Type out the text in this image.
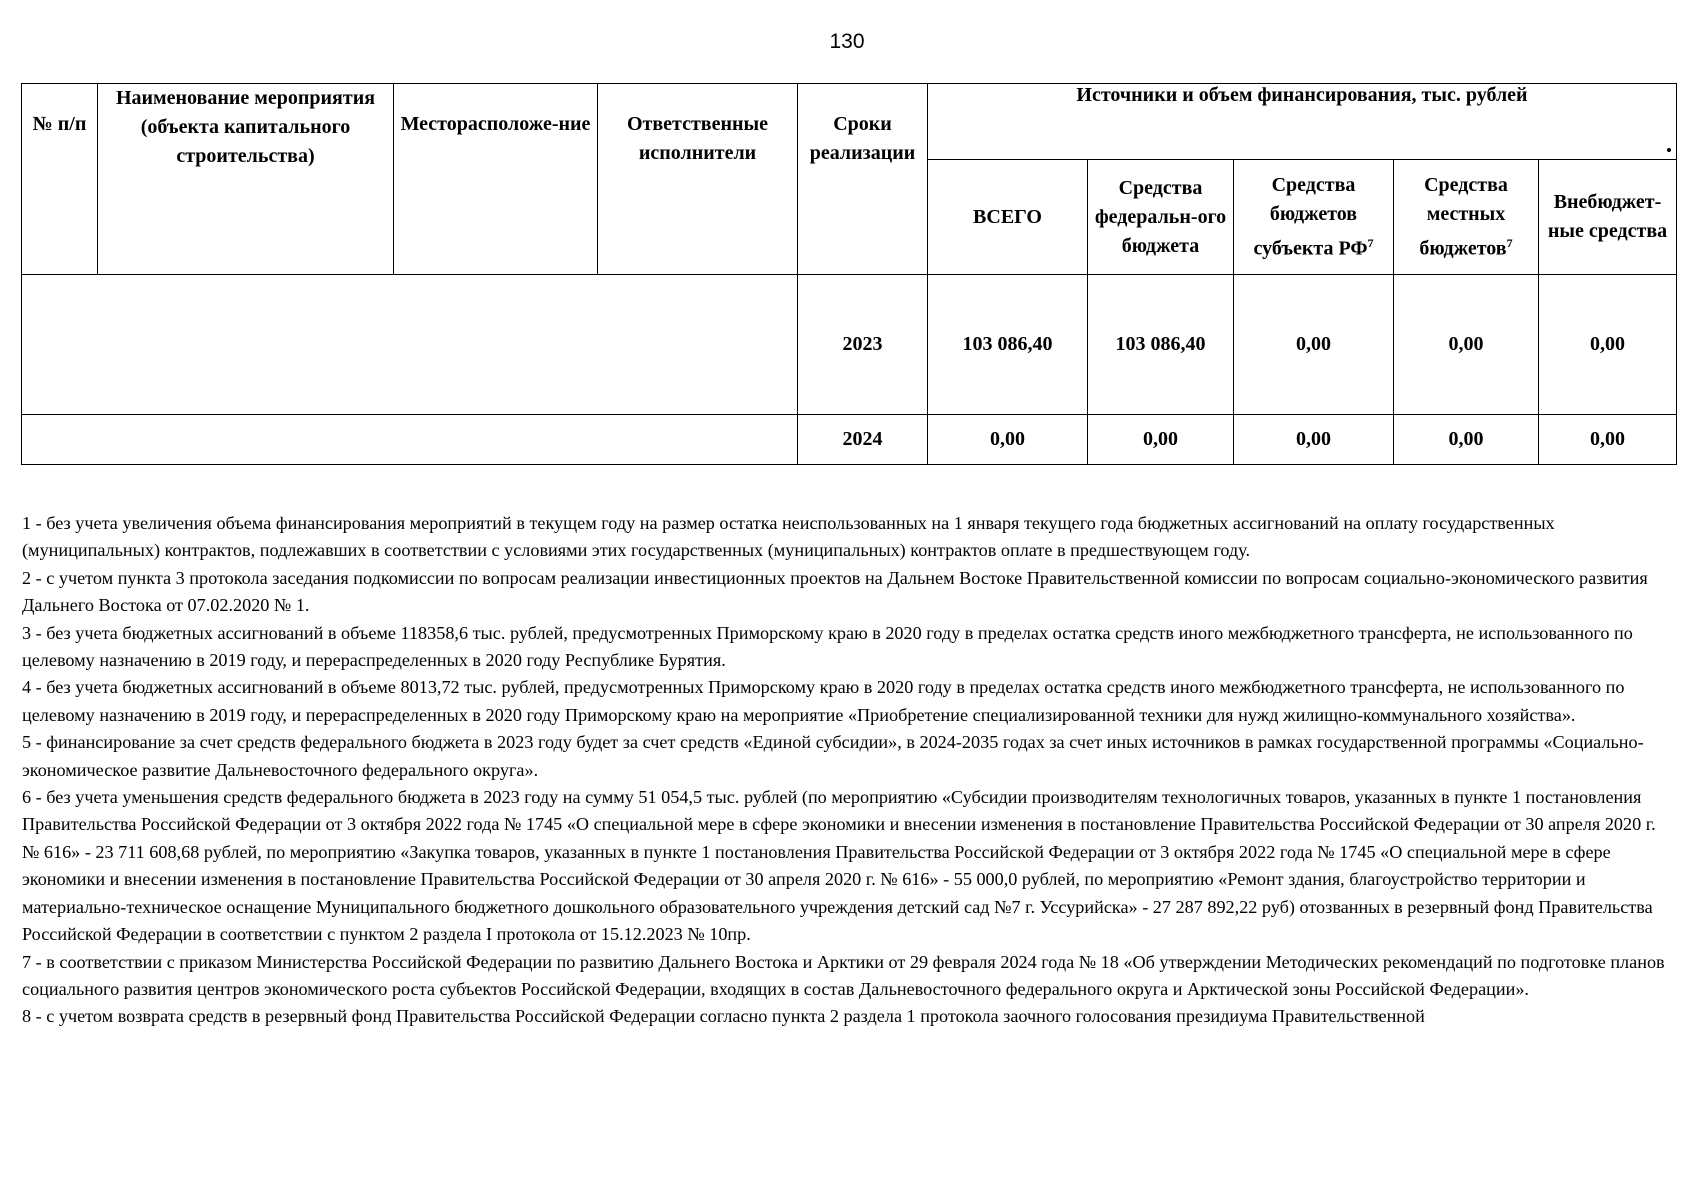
130
№ п/п	Наименование мероприятия (объекта капитального строительства)	Месторасположе-ние	Ответственные исполнители	Сроки реализации	Источники и объем финансирования, тыс. рублей				
					ВСЕГО	Средства федеральн-ого бюджета	Средства бюджетов субъекта $РФ^7$	Средства местных бюджетов$^7$	Внебюджет-ные средства
				2023	103 086,40	103 086,40	0,00	0,00	0,00
				2024	0,00	0,00	0,00	0,00	0,00

1 - без учета увеличения объема финансирования мероприятий в текущем году на размер остатка неиспользованных на 1 января текущего года бюджетных ассигнований на оплату государственных (муниципальных) контрактов, подлежавших в соответствии с условиями этих государственных (муниципальных) контрактов оплате в предшествующем году.

2 - с учетом пункта 3 протокола заседания подкомиссии по вопросам реализации инвестиционных проектов на Дальнем Востоке Правительственной комиссии по вопросам социально-экономического развития Дальнего Востока от 07.02.2020 № 1.

3 - без учета бюджетных ассигнований в объеме 118358,6 тыс. рублей, предусмотренных Приморскому краю в 2020 году в пределах остатка средств иного межбюджетного трансферта, не использованного по целевому назначению в 2019 году, и перераспределенных в 2020 году Республике Бурятия.

4 - без учета бюджетных ассигнований в объеме 8013,72 тыс. рублей, предусмотренных Приморскому краю в 2020 году в пределах остатка средств иного межбюджетного трансферта, не использованного по целевому назначению в 2019 году, и перераспределенных в 2020 году Приморскому краю на мероприятие «Приобретение специализированной техники для нужд жилищно-коммунального хозяйства».

5 - финансирование за счет средств федерального бюджета в 2023 году будет за счет средств «Единой субсидии», в 2024-2035 годах за счет иных источников в рамках государственной программы «Социально-экономическое развитие Дальневосточного федерального округа».

6 - без учета уменьшения средств федерального бюджета в 2023 году на сумму 51 054,5 тыс. рублей (по мероприятию «Субсидии производителям технологичных товаров, указанных в пункте 1 постановления Правительства Российской Федерации от 3 октября 2022 года № 1745 «О специальной мере в сфере экономики и внесении изменения в постановление Правительства Российской Федерации от 30 апреля 2020 г. № 616» - 23 711 608,68 рублей, по мероприятию «Закупка товаров, указанных в пункте 1 постановления Правительства Российской Федерации от 3 октября 2022 года № 1745 «О специальной мере в сфере экономики и внесении изменения в постановление Правительства Российской Федерации от 30 апреля 2020 г. № 616» - 55 000,0 рублей, по мероприятию «Ремонт здания, благоустройство территории и материально-техническое оснащение Муниципального бюджетного дошкольного образовательного учреждения детский сад №7 г. Уссурийска» - 27 287 892,22 руб) отозванных в резервный фонд Правительства Российской Федерации в соответствии с пунктом 2 раздела I протокола от 15.12.2023 № 10пр.

7 - в соответствии с приказом Министерства Российской Федерации по развитию Дальнего Востока и Арктики от 29 февраля 2024 года № 18 «Об утверждении Методических рекомендаций по подготовке планов социального развития центров экономического роста субъектов Российской Федерации, входящих в состав Дальневосточного федерального округа и Арктической зоны Российской Федерации».

8 - с учетом возврата средств в резервный фонд Правительства Российской Федерации согласно пункта 2 раздела 1 протокола заочного голосования президиума Правительственной
